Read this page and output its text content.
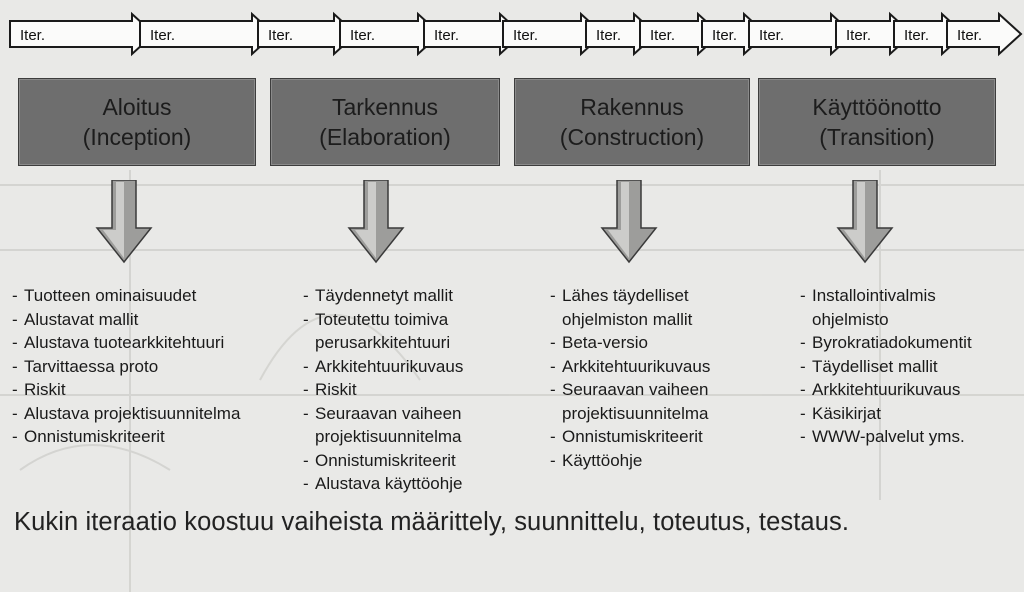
Iter.	Iter.	Iter.	Iter.	Iter.	Iter.	Iter.	Iter.	Iter.	Iter.	Iter.	Iter.	Iter.
Aloitus
(Inception)
Tarkennus
(Elaboration)
Rakennus
(Construction)
Käyttöönotto
(Transition)
- Tuotteen ominaisuudet
- Alustavat mallit
- Alustava tuotearkkitehtuuri
- Tarvittaessa proto
- Riskit
- Alustava projektisuunnitelma
- Onnistumiskriteerit
- Täydennetyt mallit
- Toteutettu toimiva
perusarkkitehtuuri
- Arkkitehtuurikuvaus
- Riskit
- Seuraavan vaiheen
projektisuunnitelma
- Onnistumiskriteerit
- Alustava käyttöohje
- Lähes täydelliset
ohjelmiston mallit
- Beta-versio
- Arkkitehtuurikuvaus
- Seuraavan vaiheen
projektisuunnitelma
- Onnistumiskriteerit
- Käyttöohje
- Installointivalmis
ohjelmisto
- Byrokratiadokumentit
- Täydelliset mallit
- Arkkitehtuurikuvaus
- Käsikirjat
- WWW-palvelut yms.
Kukin iteraatio koostuu vaiheista määrittely, suunnittelu, toteutus, testaus.
